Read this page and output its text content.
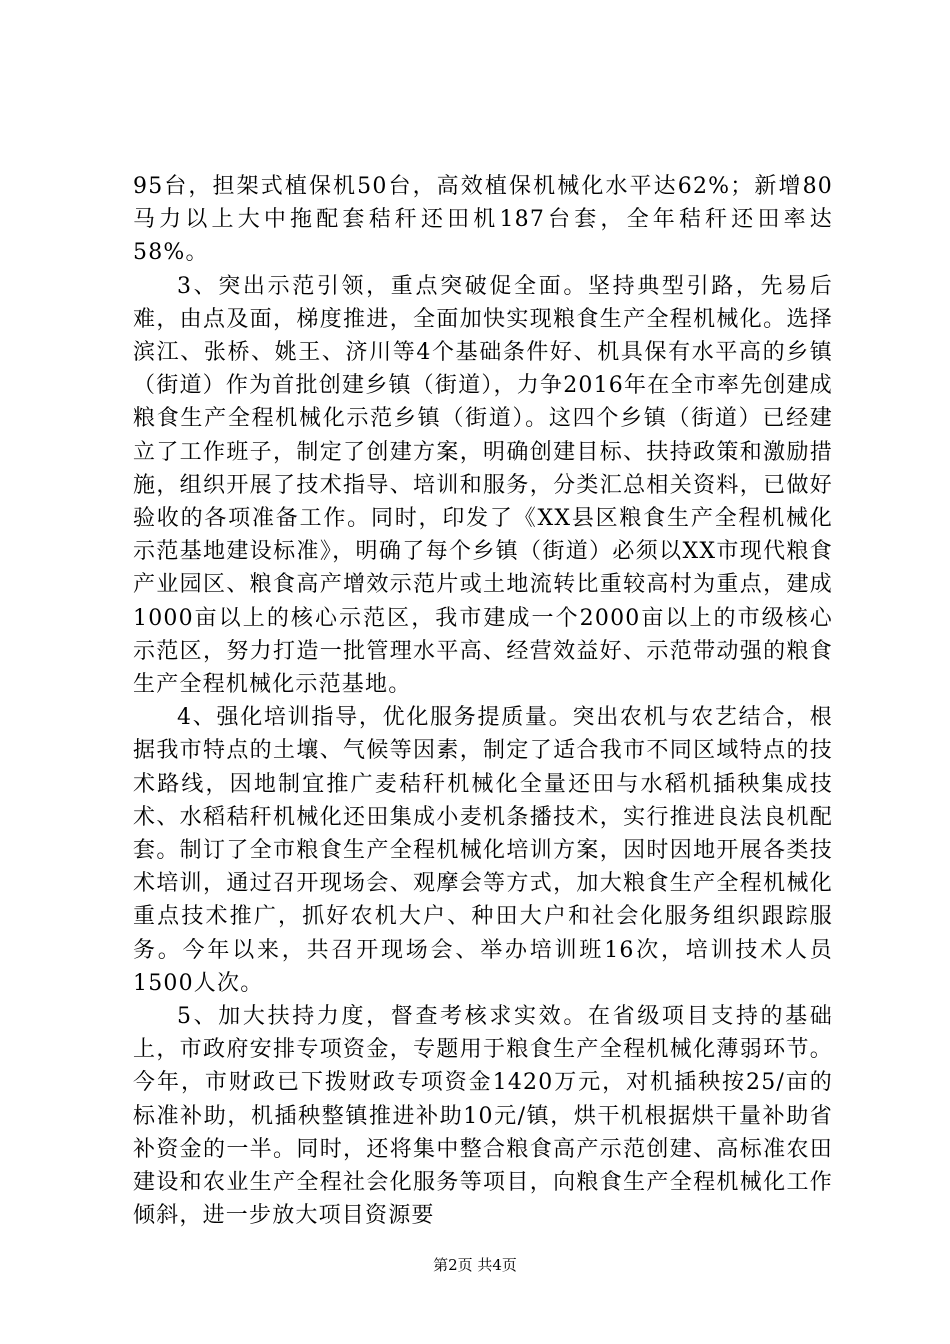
95台，担架式植保机50台，高效植保机械化水平达62%；新增80马力以上大中拖配套秸秆还田机187台套，全年秸秆还田率达58%。

3、突出示范引领，重点突破促全面。坚持典型引路，先易后难，由点及面，梯度推进，全面加快实现粮食生产全程机械化。选择滨江、张桥、姚王、济川等4个基础条件好、机具保有水平高的乡镇（街道）作为首批创建乡镇（街道），力争2016年在全市率先创建成粮食生产全程机械化示范乡镇（街道）。这四个乡镇（街道）已经建立了工作班子，制定了创建方案，明确创建目标、扶持政策和激励措施，组织开展了技术指导、培训和服务，分类汇总相关资料，已做好验收的各项准备工作。同时，印发了《XX县区粮食生产全程机械化示范基地建设标准》，明确了每个乡镇（街道）必须以XX市现代粮食产业园区、粮食高产增效示范片或土地流转比重较高村为重点，建成1000亩以上的核心示范区，我市建成一个2000亩以上的市级核心示范区，努力打造一批管理水平高、经营效益好、示范带动强的粮食生产全程机械化示范基地。

4、强化培训指导，优化服务提质量。突出农机与农艺结合，根据我市特点的土壤、气候等因素，制定了适合我市不同区域特点的技术路线，因地制宜推广麦秸秆机械化全量还田与水稻机插秧集成技术、水稻秸秆机械化还田集成小麦机条播技术，实行推进良法良机配套。制订了全市粮食生产全程机械化培训方案，因时因地开展各类技术培训，通过召开现场会、观摩会等方式，加大粮食生产全程机械化重点技术推广，抓好农机大户、种田大户和社会化服务组织跟踪服务。今年以来，共召开现场会、举办培训班16次，培训技术人员1500人次。

5、加大扶持力度，督查考核求实效。在省级项目支持的基础上，市政府安排专项资金，专题用于粮食生产全程机械化薄弱环节。今年，市财政已下拨财政专项资金1420万元，对机插秧按25/亩的标准补助，机插秧整镇推进补助10元/镇，烘干机根据烘干量补助省补资金的一半。同时，还将集中整合粮食高产示范创建、高标准农田建设和农业生产全程社会化服务等项目，向粮食生产全程机械化工作倾斜，进一步放大项目资源要

第2页 共4页
